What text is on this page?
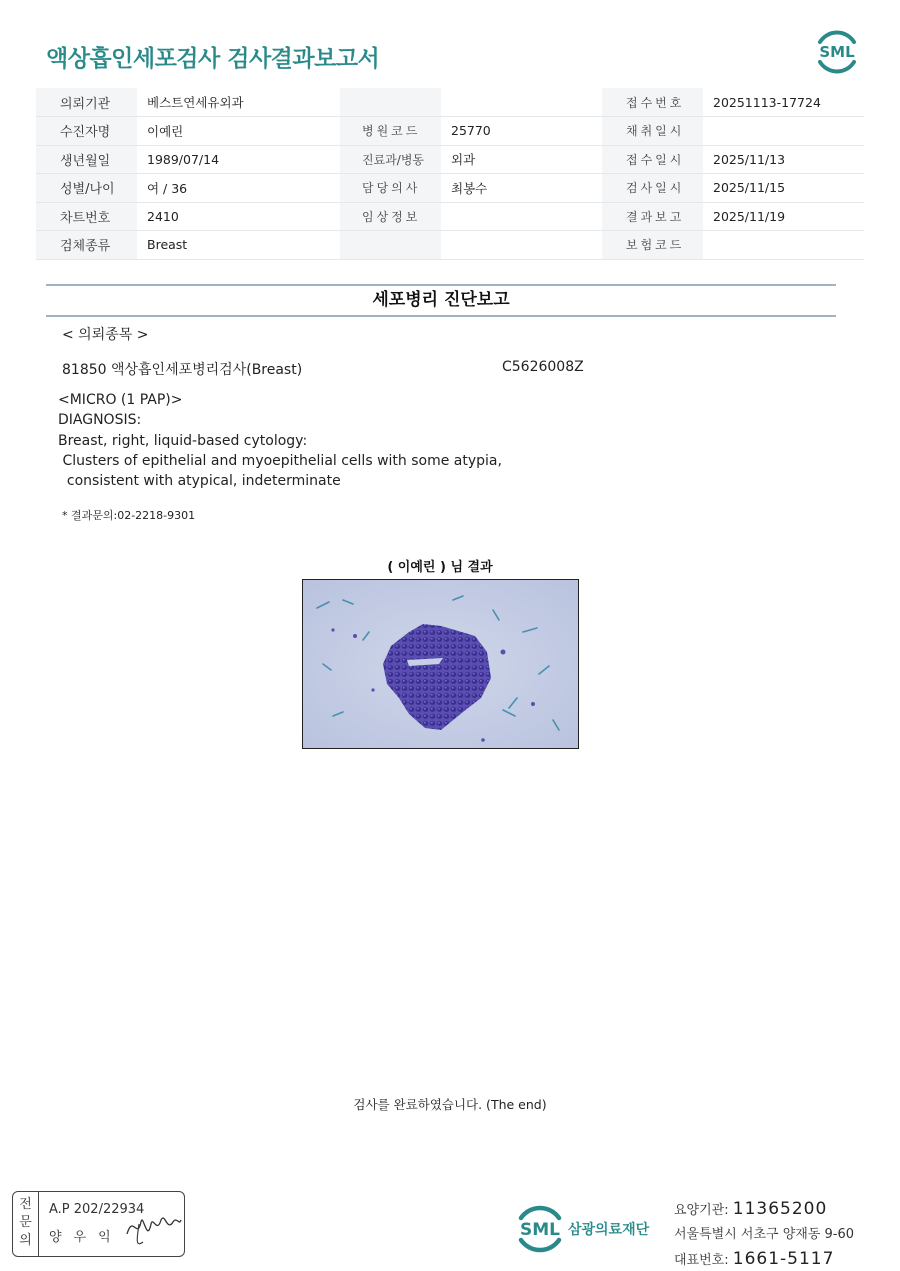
액상흡인세포검사 검사결과보고서	SML
의뢰기관	베스트연세유외과			접수번호	20251113-17724
수진자명	이예린	병원코드	25770	채취일시	
생년월일	1989/07/14	진료과/병동	외과	접수일시	2025/11/13
성별/나이	여 / 36	담당의사	최봉수	검사일시	2025/11/15
차트번호	2410	임상정보		결과보고	2025/11/19
검체종류	Breast			보험코드	
세포병리 진단보고
< 의뢰종목 >
81850 액상흡인세포병리검사(Breast)	C5626008Z
<MICRO (1 PAP)>
DIAGNOSIS:
Breast, right, liquid-based cytology:
Clusters of epithelial and myoepithelial cells with some atypia,
consistent with atypical, indeterminate
* 결과문의:02-2218-9301
( 이예린 ) 님 결과
검사를 완료하였습니다. (The end)
전
문
의
A.P 202/22934
양우익	SML 삼광의료재단
요양기관: 11365200
서울특별시 서초구 양재동 9-60
대표번호: 1661-5117
